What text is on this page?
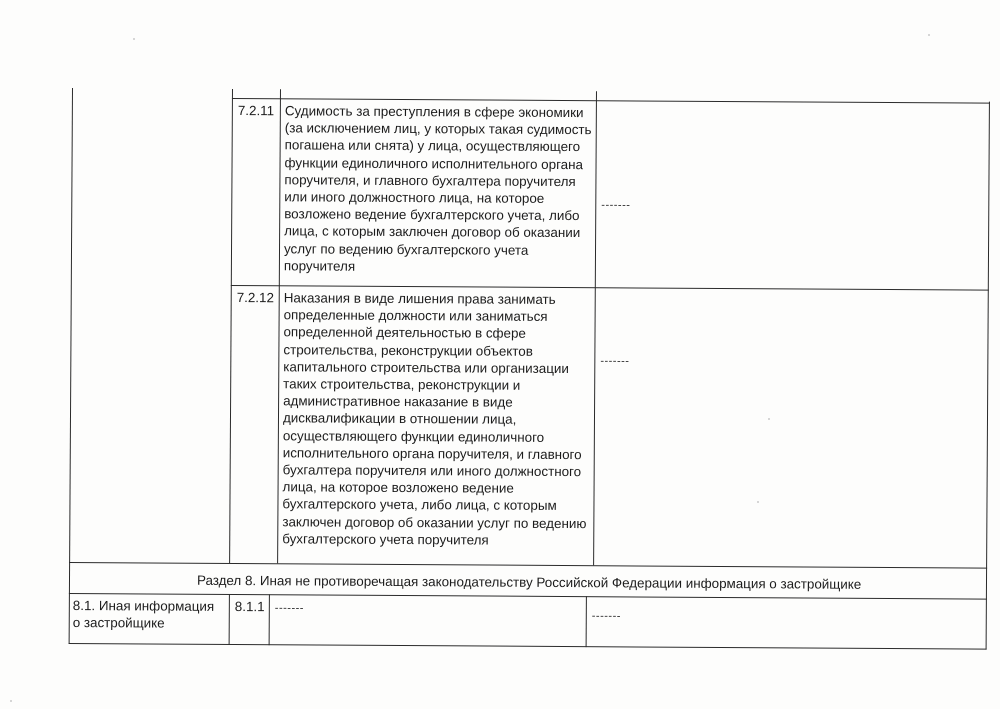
7.2.11 Судимость за преступления в сфере экономики
(за исключением лиц, у которых такая судимость
погашена или снята) у лица, осуществляющего
функции единоличного исполнительного органа
поручителя, и главного бухгалтера поручителя
или иного должностного лица, на которое
возложено ведение бухгалтерского учета, либо
лица, с которым заключен договор об оказании
услуг по ведению бухгалтерского учета
поручителя
-------
7.2.12 Наказания в виде лишения права занимать
определенные должности или заниматься
определенной деятельностью в сфере
строительства, реконструкции объектов
капитального строительства или организации
таких строительства, реконструкции и
административное наказание в виде
дисквалификации в отношении лица,
осуществляющего функции единоличного
исполнительного органа поручителя, и главного
бухгалтера поручителя или иного должностного
лица, на которое возложено ведение
бухгалтерского учета, либо лица, с которым
заключен договор об оказании услуг по ведению
бухгалтерского учета поручителя
-------
Раздел 8. Иная не противоречащая законодательству Российской Федерации информация о застройщике
8.1. Иная информация
о застройщике
8.1.1 -------
-------
